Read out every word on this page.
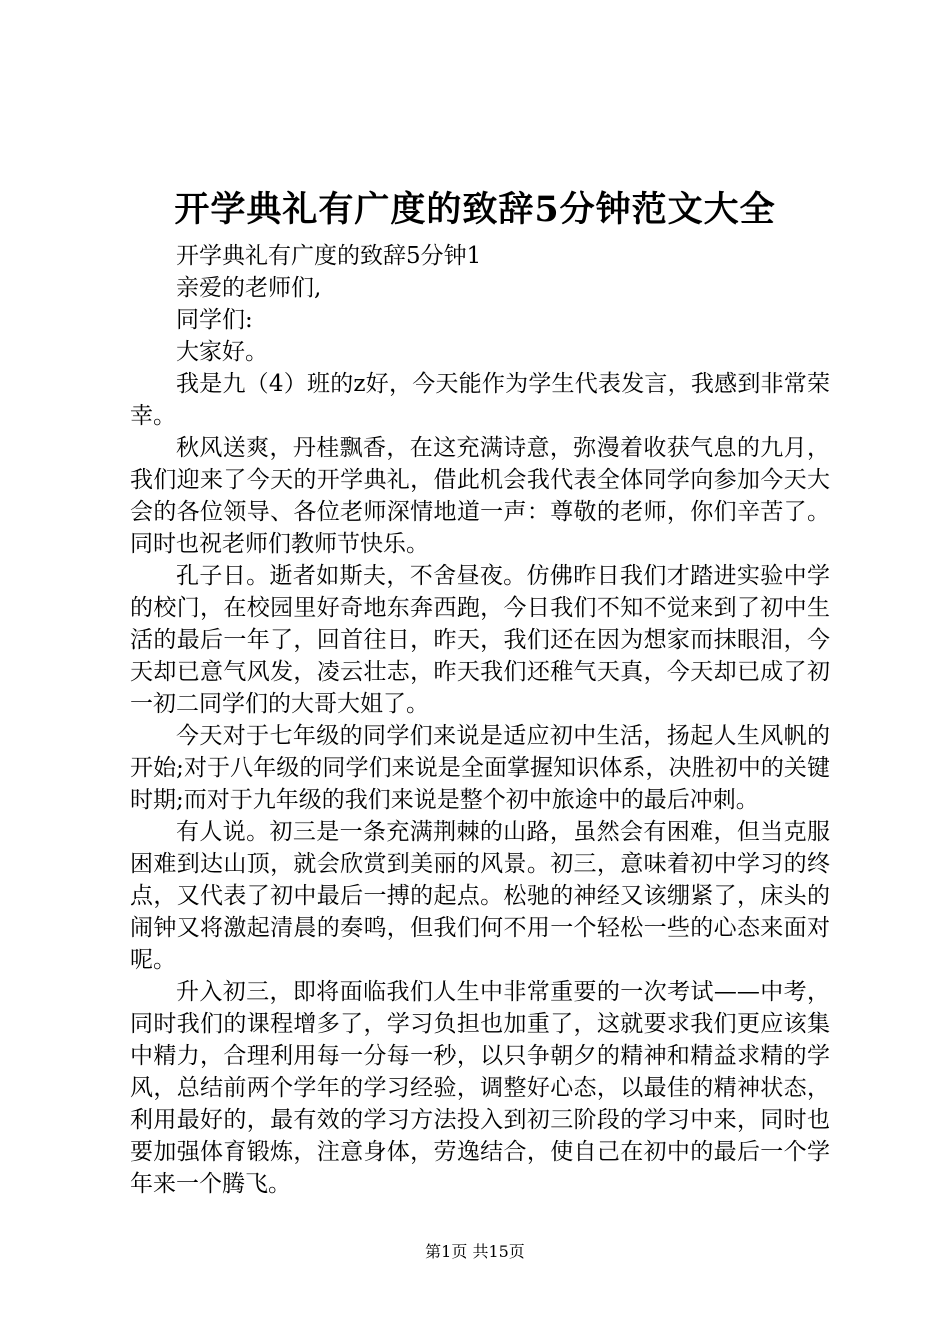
开学典礼有广度的致辞5分钟范文大全

开学典礼有广度的致辞5分钟1

亲爱的老师们,

同学们:

大家好。

我是九（4）班的z好，今天能作为学生代表发言，我感到非常荣幸。

秋风送爽，丹桂飘香，在这充满诗意，弥漫着收获气息的九月，我们迎来了今天的开学典礼，借此机会我代表全体同学向参加今天大会的各位领导、各位老师深情地道一声：尊敬的老师，你们辛苦了。同时也祝老师们教师节快乐。

孔子日。逝者如斯夫，不舍昼夜。仿佛昨日我们才踏进实验中学的校门，在校园里好奇地东奔西跑，今日我们不知不觉来到了初中生活的最后一年了，回首往日，昨天，我们还在因为想家而抹眼泪，今天却已意气风发，凌云壮志，昨天我们还稚气天真，今天却已成了初一初二同学们的大哥大姐了。

今天对于七年级的同学们来说是适应初中生活，扬起人生风帆的开始;对于八年级的同学们来说是全面掌握知识体系，决胜初中的关键时期;而对于九年级的我们来说是整个初中旅途中的最后冲刺。

有人说。初三是一条充满荆棘的山路，虽然会有困难，但当克服困难到达山顶，就会欣赏到美丽的风景。初三，意味着初中学习的终点，又代表了初中最后一搏的起点。松驰的神经又该绷紧了，床头的闹钟又将激起清晨的奏鸣，但我们何不用一个轻松一些的心态来面对呢。

升入初三，即将面临我们人生中非常重要的一次考试——中考，同时我们的课程增多了，学习负担也加重了，这就要求我们更应该集中精力，合理利用每一分每一秒，以只争朝夕的精神和精益求精的学风，总结前两个学年的学习经验，调整好心态，以最佳的精神状态，利用最好的，最有效的学习方法投入到初三阶段的学习中来，同时也要加强体育锻炼，注意身体，劳逸结合，使自己在初中的最后一个学年来一个腾飞。

第1页 共15页
